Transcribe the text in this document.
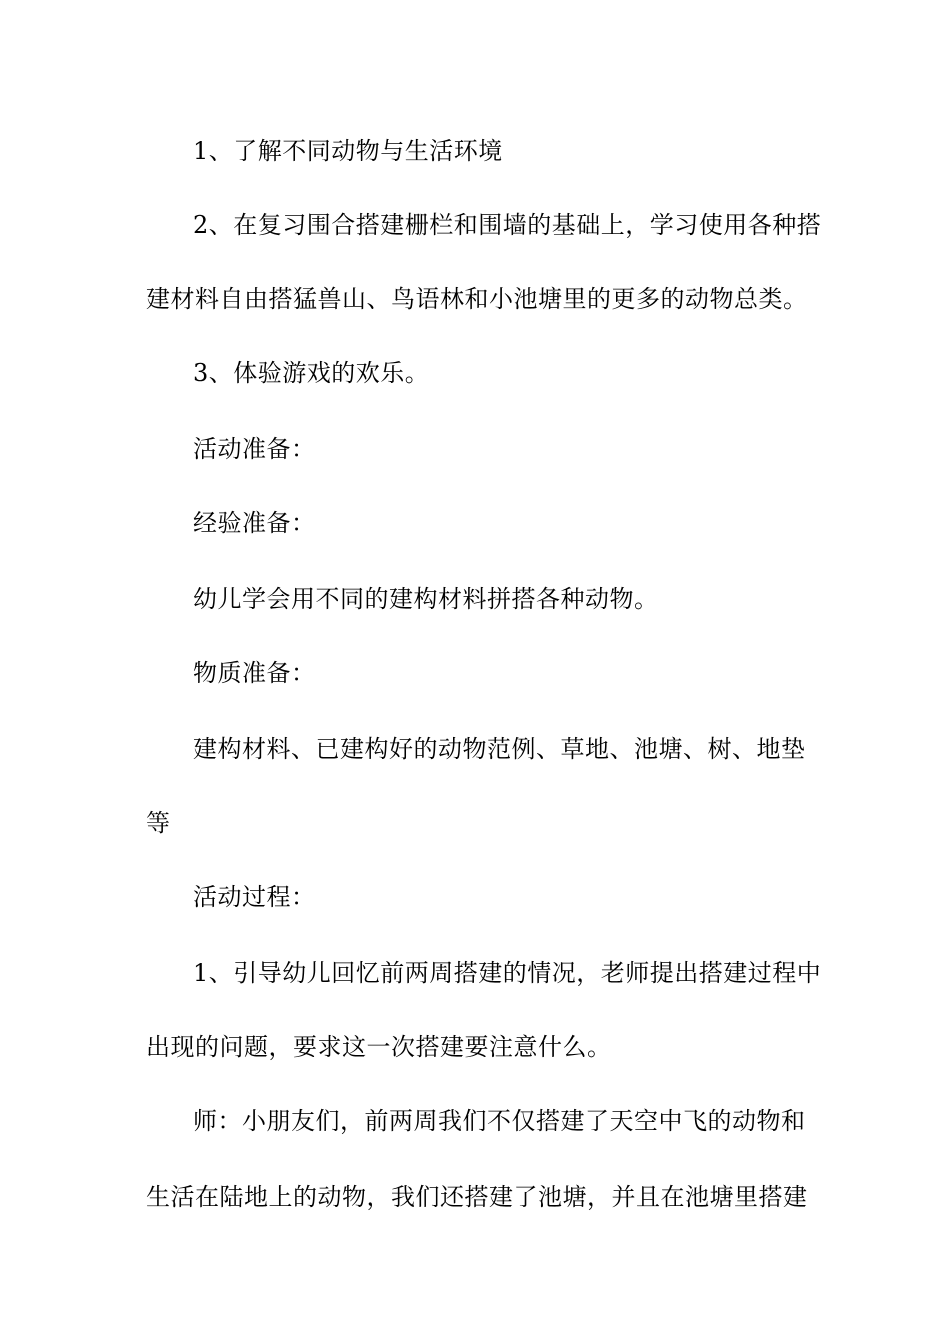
1、了解不同动物与生活环境
2、在复习围合搭建栅栏和围墙的基础上，学习使用各种搭
建材料自由搭猛兽山、鸟语林和小池塘里的更多的动物总类。
3、体验游戏的欢乐。
活动准备：
经验准备：
幼儿学会用不同的建构材料拼搭各种动物。
物质准备：
建构材料、已建构好的动物范例、草地、池塘、树、地垫
等
活动过程：
1、引导幼儿回忆前两周搭建的情况，老师提出搭建过程中
出现的问题，要求这一次搭建要注意什么。
师：小朋友们，前两周我们不仅搭建了天空中飞的动物和
生活在陆地上的动物，我们还搭建了池塘，并且在池塘里搭建
